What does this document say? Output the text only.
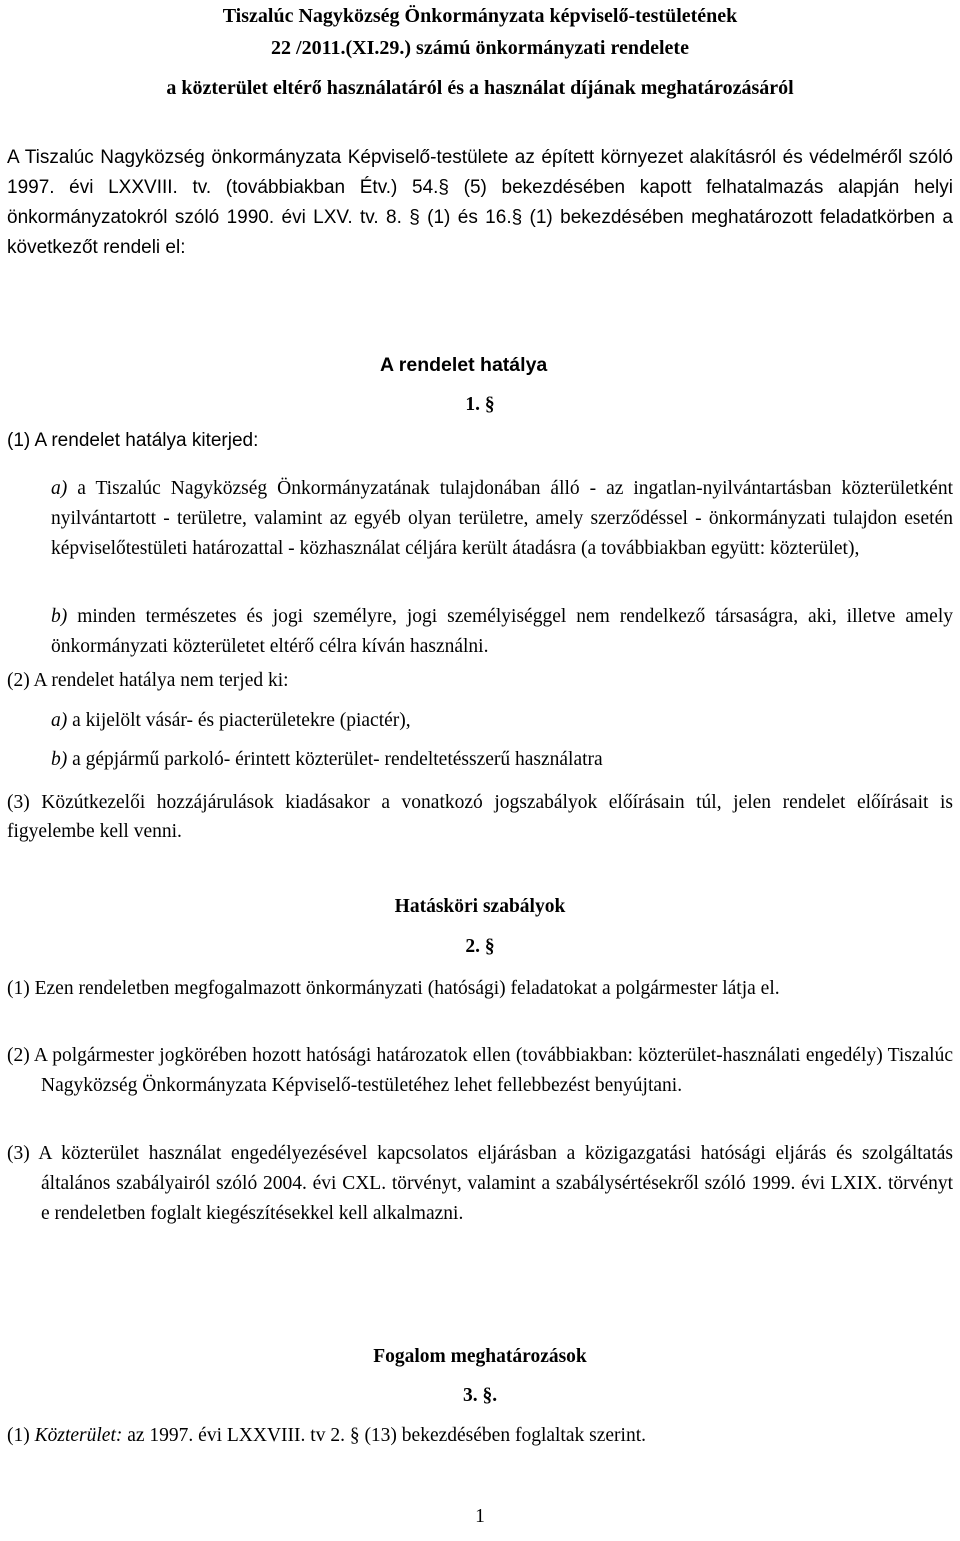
Tiszalúc Nagyközség Önkormányzata képviselő-testületének
22 /2011.(XI.29.) számú önkormányzati rendelete
a közterület eltérő használatáról és a használat díjának meghatározásáról
A Tiszalúc Nagyközség önkormányzata Képviselő-testülete az épített környezet alakításról és védelméről szóló 1997. évi LXXVIII. tv. (továbbiakban Étv.) 54.§ (5) bekezdésében kapott felhatalmazás alapján helyi önkormányzatokról szóló 1990. évi LXV. tv. 8. § (1) és 16.§ (1) bekezdésében meghatározott feladatkörben a következőt rendeli el:
A rendelet hatálya
1. §
(1) A rendelet hatálya kiterjed:
a) a Tiszalúc Nagyközség Önkormányzatának tulajdonában álló - az ingatlan-nyilvántartásban közterületként nyilvántartott - területre, valamint az egyéb olyan területre, amely szerződéssel - önkormányzati tulajdon esetén képviselőtestületi határozattal - közhasználat céljára került átadásra (a továbbiakban együtt: közterület),
b) minden természetes és jogi személyre, jogi személyiséggel nem rendelkező társaságra, aki, illetve amely önkormányzati közterületet eltérő célra kíván használni.
(2) A rendelet hatálya nem terjed ki:
a) a kijelölt vásár- és piacterületekre (piactér),
b) a gépjármű parkoló- érintett közterület- rendeltetésszerű használatra
(3) Közútkezelői hozzájárulások kiadásakor a vonatkozó jogszabályok előírásain túl, jelen rendelet előírásait is figyelembe kell venni.
Hatásköri szabályok
2. §
(1) Ezen rendeletben megfogalmazott önkormányzati (hatósági) feladatokat a polgármester látja el.
(2) A polgármester jogkörében hozott hatósági határozatok ellen (továbbiakban: közterület-használati engedély) Tiszalúc Nagyközség Önkormányzata Képviselő-testületéhez lehet fellebbezést benyújtani.
(3) A közterület használat engedélyezésével kapcsolatos eljárásban a közigazgatási hatósági eljárás és szolgáltatás általános szabályairól szóló 2004. évi CXL. törvényt, valamint a szabálysértésekről szóló 1999. évi LXIX. törvényt e rendeletben foglalt kiegészítésekkel kell alkalmazni.
Fogalom meghatározások
3. §.
(1) Közterület: az 1997. évi LXXVIII. tv 2. § (13) bekezdésében foglaltak szerint.
1
